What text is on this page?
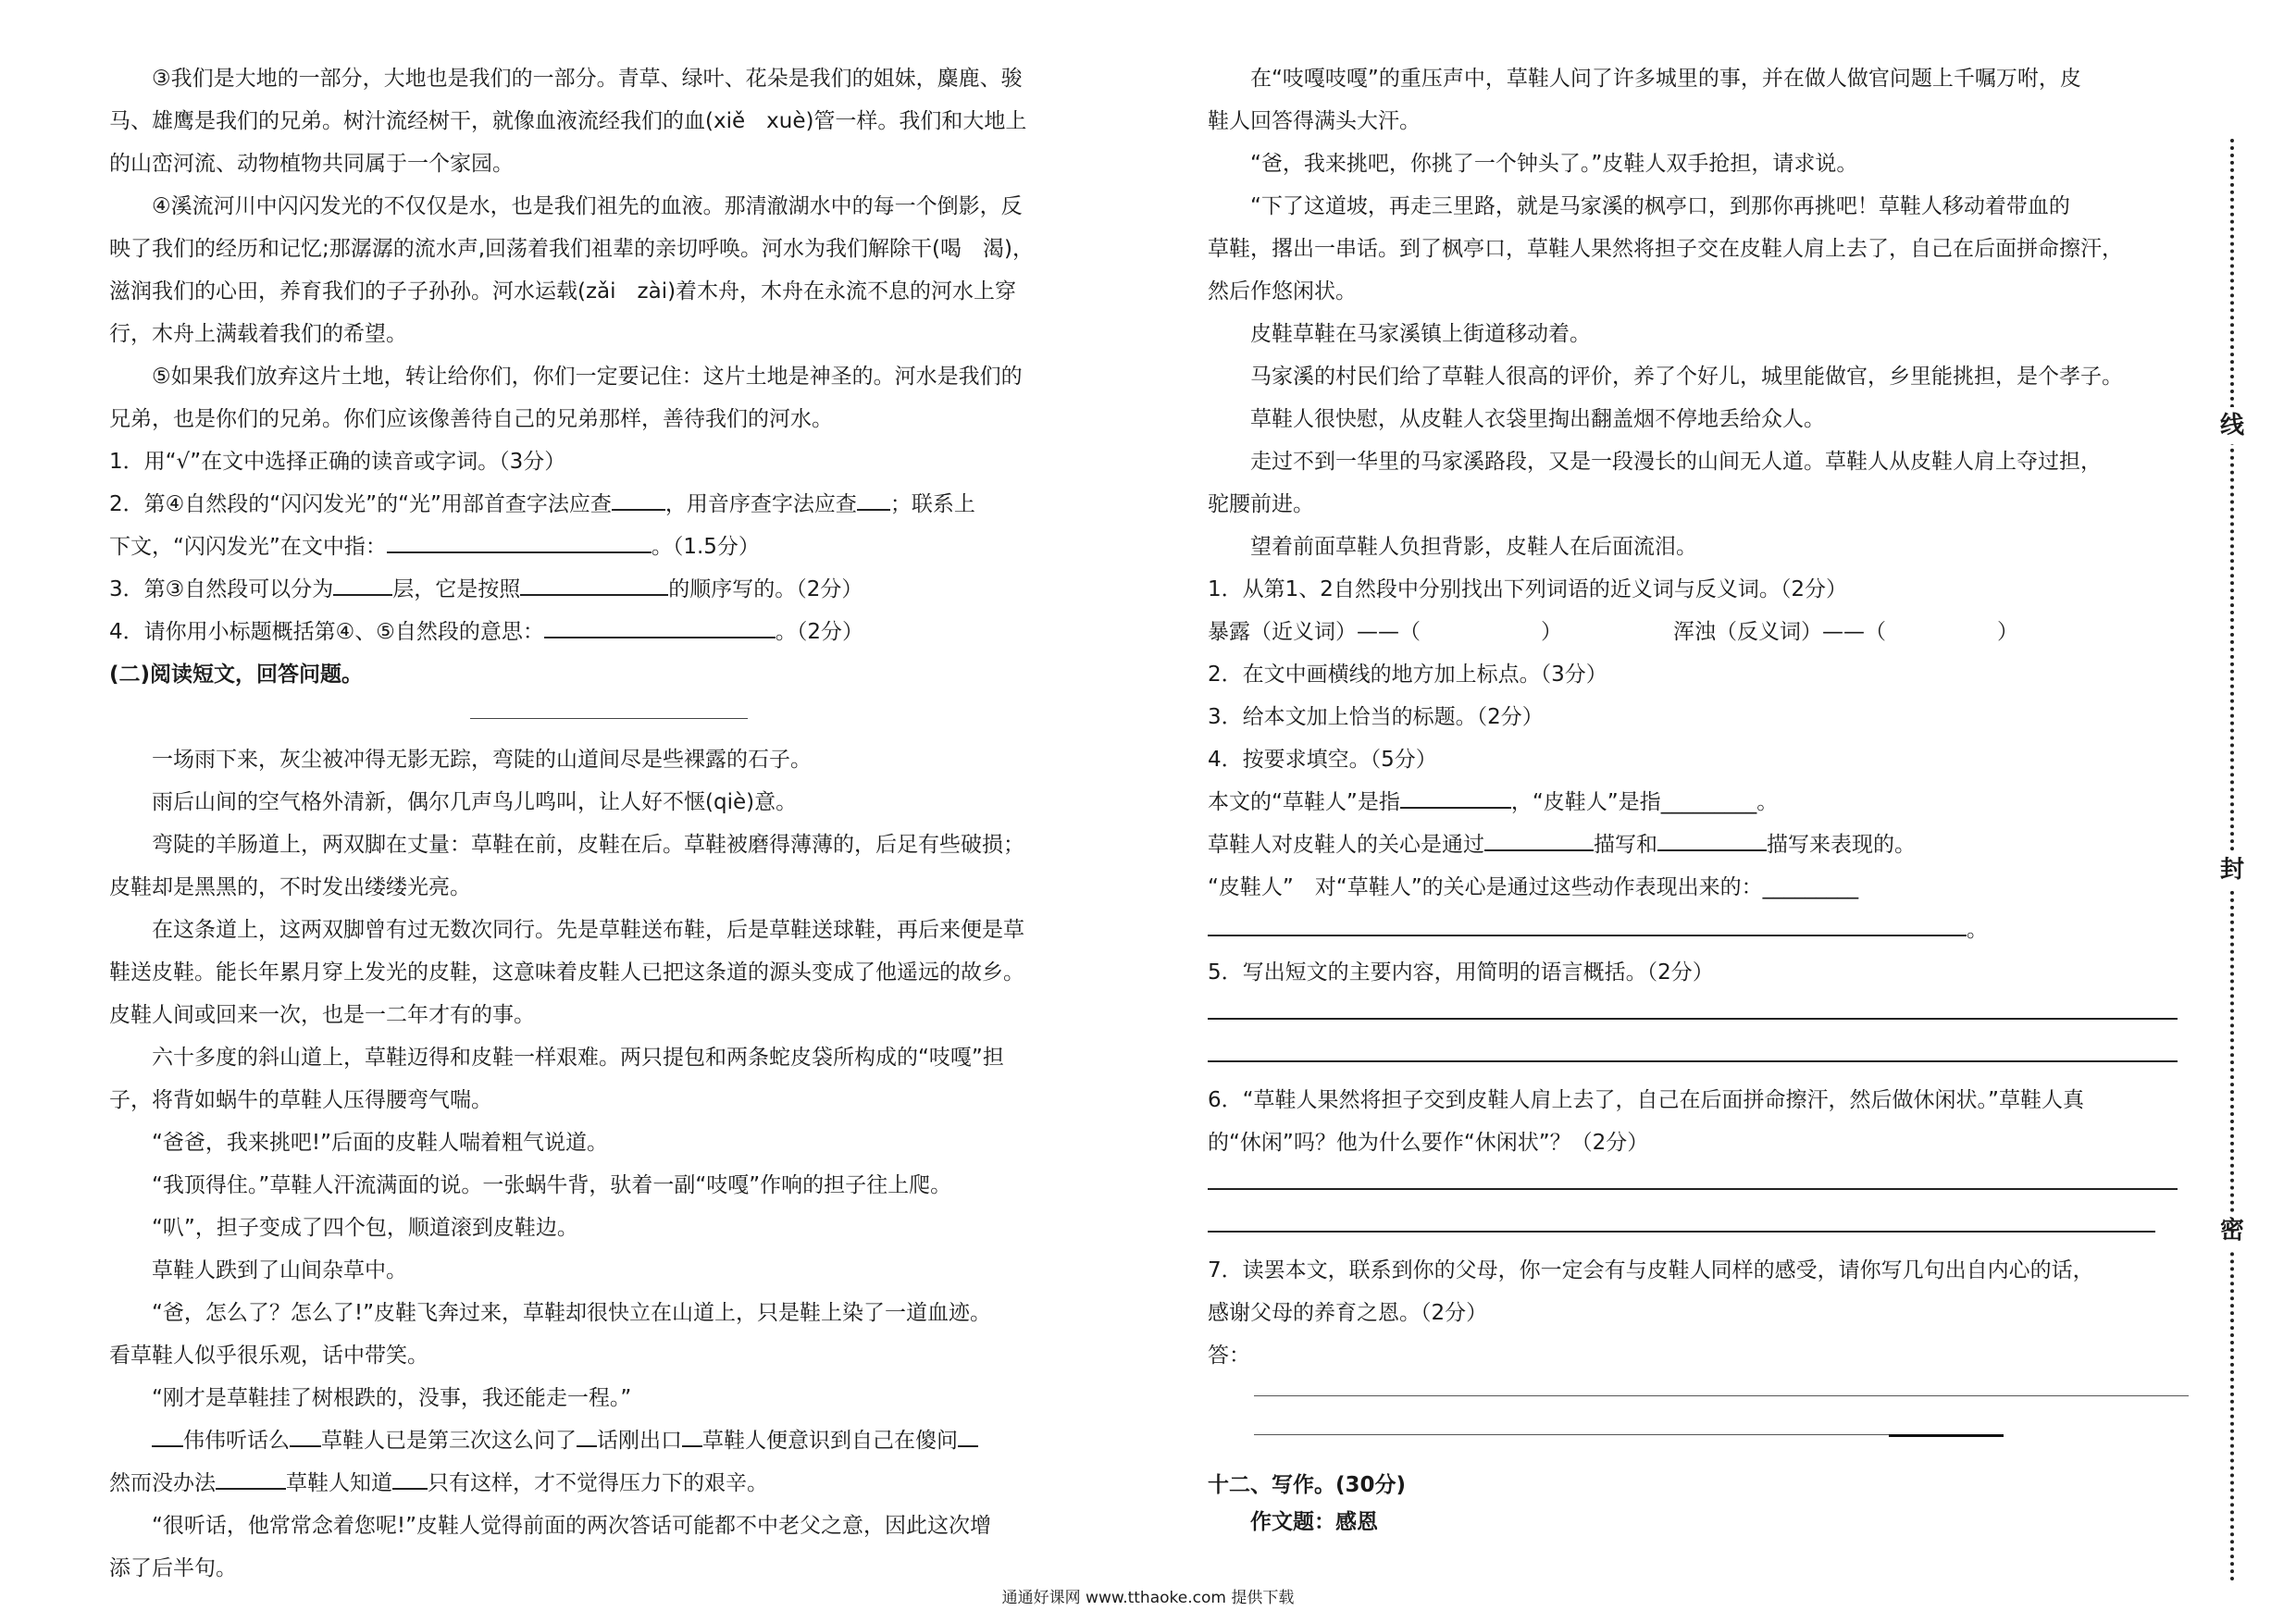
③我们是大地的一部分，大地也是我们的一部分。青草、绿叶、花朵是我们的姐妹，麋鹿、骏

马、雄鹰是我们的兄弟。树汁流经树干，就像血液流经我们的血(xiě　xuè)管一样。我们和大地上

的山峦河流、动物植物共同属于一个家园。

④溪流河川中闪闪发光的不仅仅是水，也是我们祖先的血液。那清澈湖水中的每一个倒影，反

映了我们的经历和记忆;那潺潺的流水声,回荡着我们祖辈的亲切呼唤。河水为我们解除干(喝　渴)，

滋润我们的心田，养育我们的子子孙孙。河水运载(zǎi　zài)着木舟，木舟在永流不息的河水上穿

行，木舟上满载着我们的希望。

⑤如果我们放弃这片土地，转让给你们，你们一定要记住：这片土地是神圣的。河水是我们的

兄弟，也是你们的兄弟。你们应该像善待自己的兄弟那样，善待我们的河水。

1．用“√”在文中选择正确的读音或字词。（3分）

2．第④自然段的“闪闪发光”的“光”用部首查字法应查	，用音序查字法应查 ；联系上

下文，“闪闪发光”在文中指：	。（1.5分）

3．第③自然段可以分为	层，它是按照	的顺序写的。（2分）

4．请你用小标题概括第④、⑤自然段的意思：	。（2分）

(二)阅读短文，回答问题。

一场雨下来，灰尘被冲得无影无踪，弯陡的山道间尽是些裸露的石子。

雨后山间的空气格外清新，偶尔几声鸟儿鸣叫，让人好不惬(qiè)意。

弯陡的羊肠道上，两双脚在丈量：草鞋在前，皮鞋在后。草鞋被磨得薄薄的，后足有些破损；

皮鞋却是黑黑的，不时发出缕缕光亮。

在这条道上，这两双脚曾有过无数次同行。先是草鞋送布鞋，后是草鞋送球鞋，再后来便是草

鞋送皮鞋。能长年累月穿上发光的皮鞋，这意味着皮鞋人已把这条道的源头变成了他遥远的故乡。

皮鞋人间或回来一次，也是一二年才有的事。

六十多度的斜山道上，草鞋迈得和皮鞋一样艰难。两只提包和两条蛇皮袋所构成的“吱嘎”担

子，将背如蜗牛的草鞋人压得腰弯气喘。

“爸爸，我来挑吧!”后面的皮鞋人喘着粗气说道。

“我顶得住。”草鞋人汗流满面的说。一张蜗牛背，驮着一副“吱嘎”作响的担子往上爬。

“叭”，担子变成了四个包，顺道滚到皮鞋边。

草鞋人跌到了山间杂草中。

“爸，怎么了？怎么了!”皮鞋飞奔过来，草鞋却很快立在山道上，只是鞋上染了一道血迹。

看草鞋人似乎很乐观，话中带笑。

“刚才是草鞋挂了树根跌的，没事，我还能走一程。”

伟伟听话么 草鞋人已是第三次这么问了 话刚出口 草鞋人便意识到自己在傻问

然而没办法	草鞋人知道 只有这样，才不觉得压力下的艰辛。

“很听话，他常常念着您呢!”皮鞋人觉得前面的两次答话可能都不中老父之意，因此这次增

添了后半句。

在“吱嘎吱嘎”的重压声中，草鞋人问了许多城里的事，并在做人做官问题上千嘱万咐，皮

鞋人回答得满头大汗。

“爸，我来挑吧，你挑了一个钟头了。”皮鞋人双手抢担，请求说。

“下了这道坡，再走三里路，就是马家溪的枫亭口，到那你再挑吧！草鞋人移动着带血的

草鞋，撂出一串话。到了枫亭口，草鞋人果然将担子交在皮鞋人肩上去了，自己在后面拼命擦汗，

然后作悠闲状。

皮鞋草鞋在马家溪镇上街道移动着。

马家溪的村民们给了草鞋人很高的评价，养了个好儿，城里能做官，乡里能挑担，是个孝子。

草鞋人很快慰，从皮鞋人衣袋里掏出翻盖烟不停地丢给众人。

走过不到一华里的马家溪路段，又是一段漫长的山间无人道。草鞋人从皮鞋人肩上夺过担，

驼腰前进。

望着前面草鞋人负担背影，皮鞋人在后面流泪。

1．从第1、2自然段中分别找出下列词语的近义词与反义词。（2分）

暴露（近义词）——（	）	浑浊（反义词）——（	）

2．在文中画横线的地方加上标点。（3分）

3．给本文加上恰当的标题。（2分）

4．按要求填空。（5分）

本文的“草鞋人”是指	，“皮鞋人”是指_________。

草鞋人对皮鞋人的关心是通过	描写和	描写来表现的。

“皮鞋人”　对“草鞋人”的关心是通过这些动作表现出来的：_________

。

5．写出短文的主要内容，用简明的语言概括。（2分）

6．“草鞋人果然将担子交到皮鞋人肩上去了，自己在后面拼命擦汗，然后做休闲状。”草鞋人真

的“休闲”吗？他为什么要作“休闲状”？（2分）

7．读罢本文，联系到你的父母，你一定会有与皮鞋人同样的感受，请你写几句出自内心的话，

感谢父母的养育之恩。（2分）

答：

十二、写作。(30分)

作文题：感恩

线
封
密
通通好课网 www.tthaoke.com 提供下载
